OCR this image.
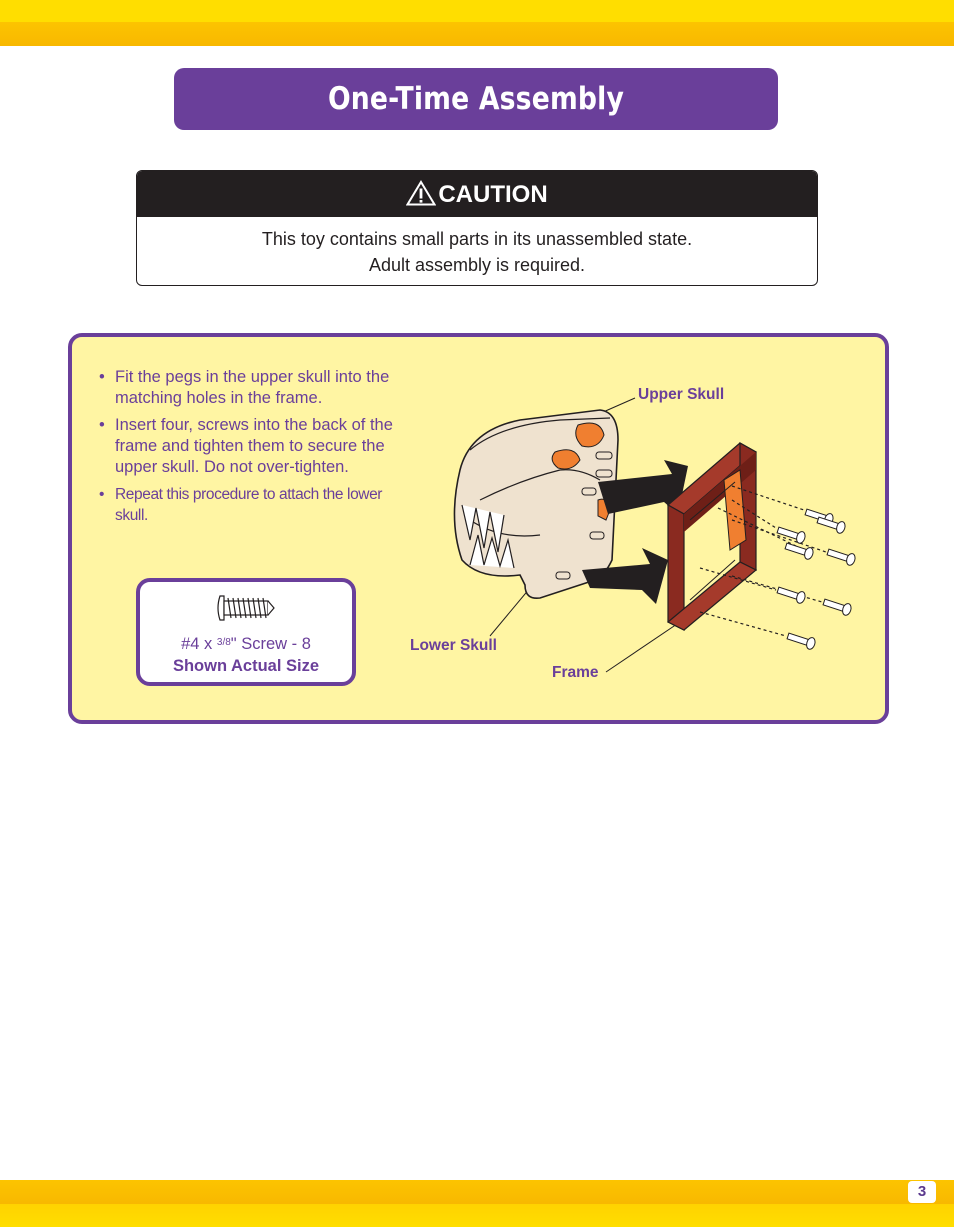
One-Time Assembly
CAUTION
This toy contains small parts in its unassembled state.
Adult assembly is required.
• Fit the pegs in the upper skull into the matching holes in the frame.
• Insert four, screws into the back of the frame and tighten them to secure the upper skull. Do not over-tighten.
• Repeat this procedure to attach the lower skull.
#4 x $^{3/8}$" Screw - 8
Shown Actual Size
Upper Skull
Lower Skull
Frame
3
